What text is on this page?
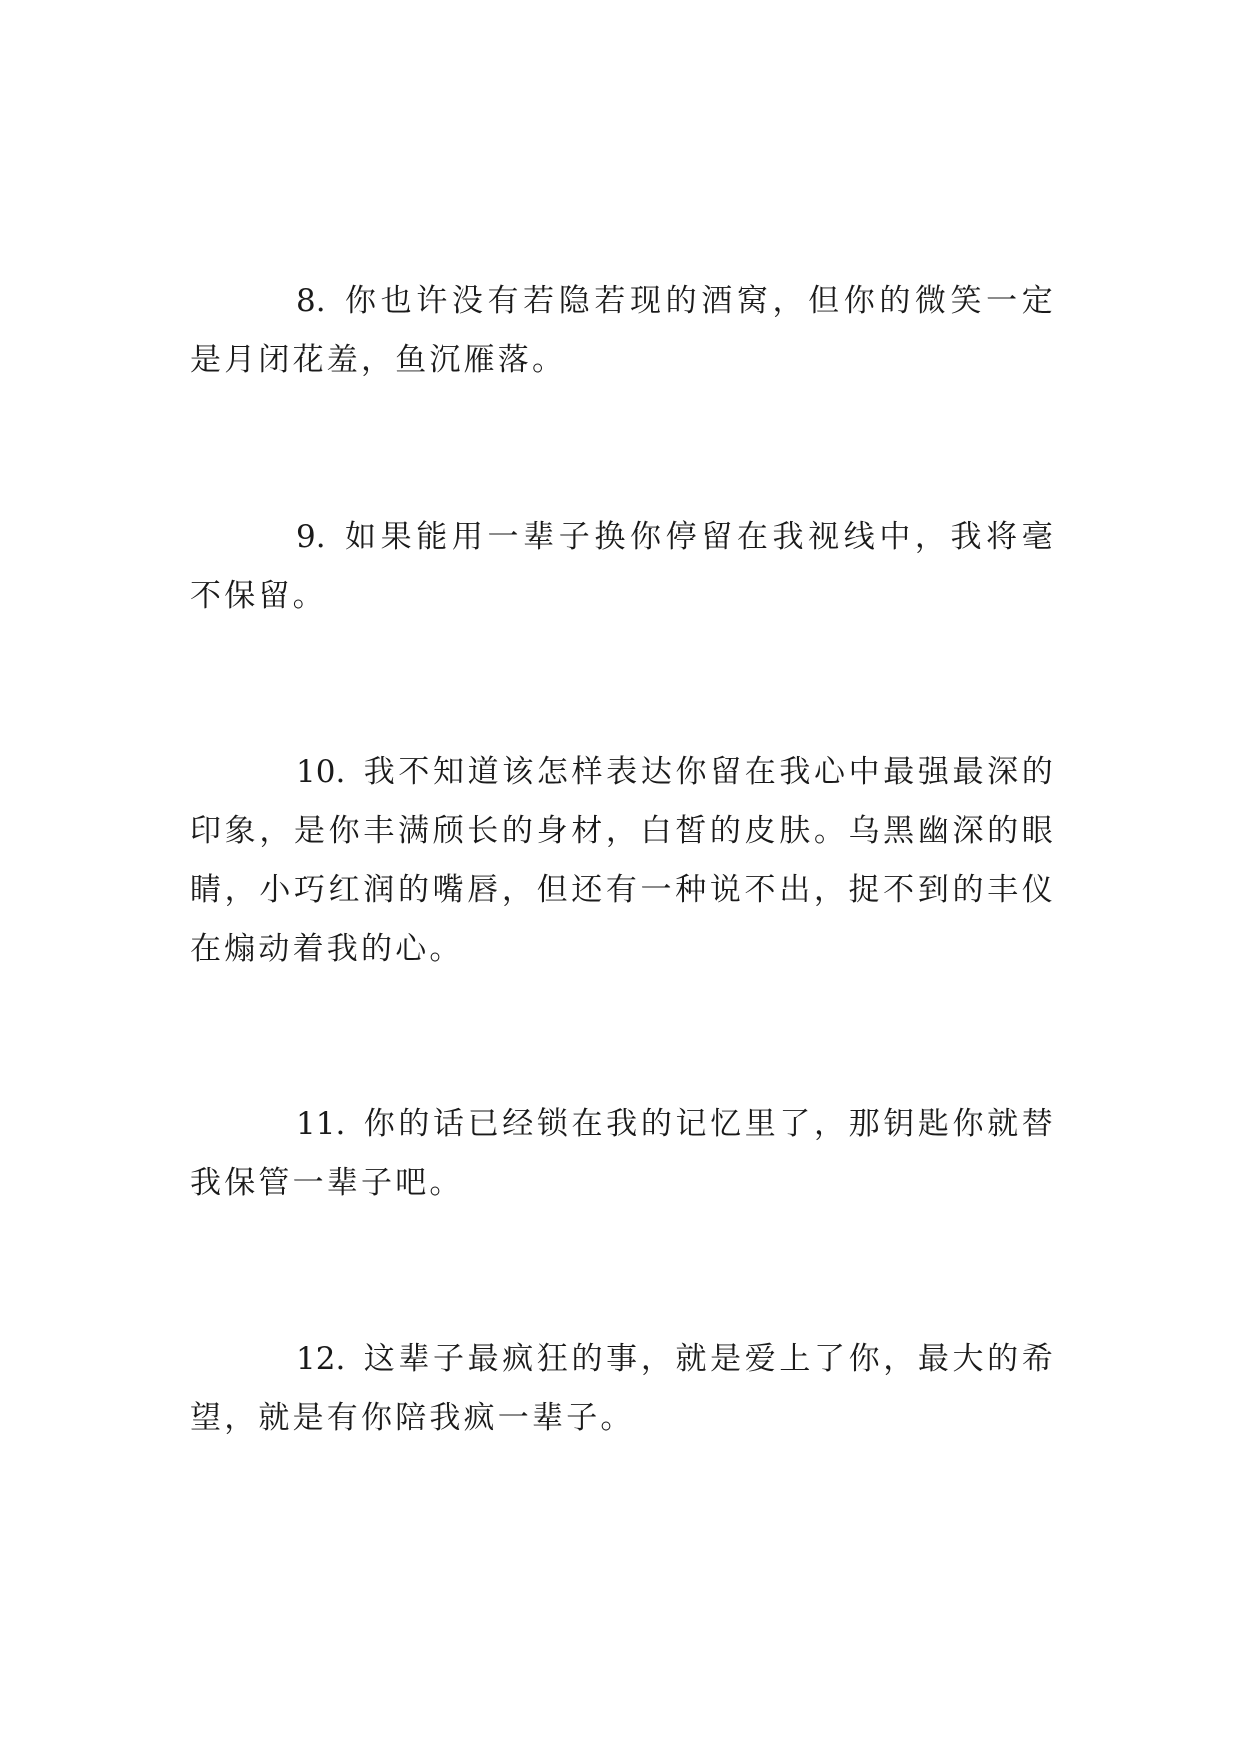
8. 你也许没有若隐若现的酒窝，但你的微笑一定是月闭花羞，鱼沉雁落。

9. 如果能用一辈子换你停留在我视线中，我将毫不保留。

10. 我不知道该怎样表达你留在我心中最强最深的印象，是你丰满颀长的身材，白皙的皮肤。乌黑幽深的眼睛，小巧红润的嘴唇，但还有一种说不出，捉不到的丰仪在煽动着我的心。

11. 你的话已经锁在我的记忆里了，那钥匙你就替我保管一辈子吧。

12. 这辈子最疯狂的事，就是爱上了你，最大的希望，就是有你陪我疯一辈子。
